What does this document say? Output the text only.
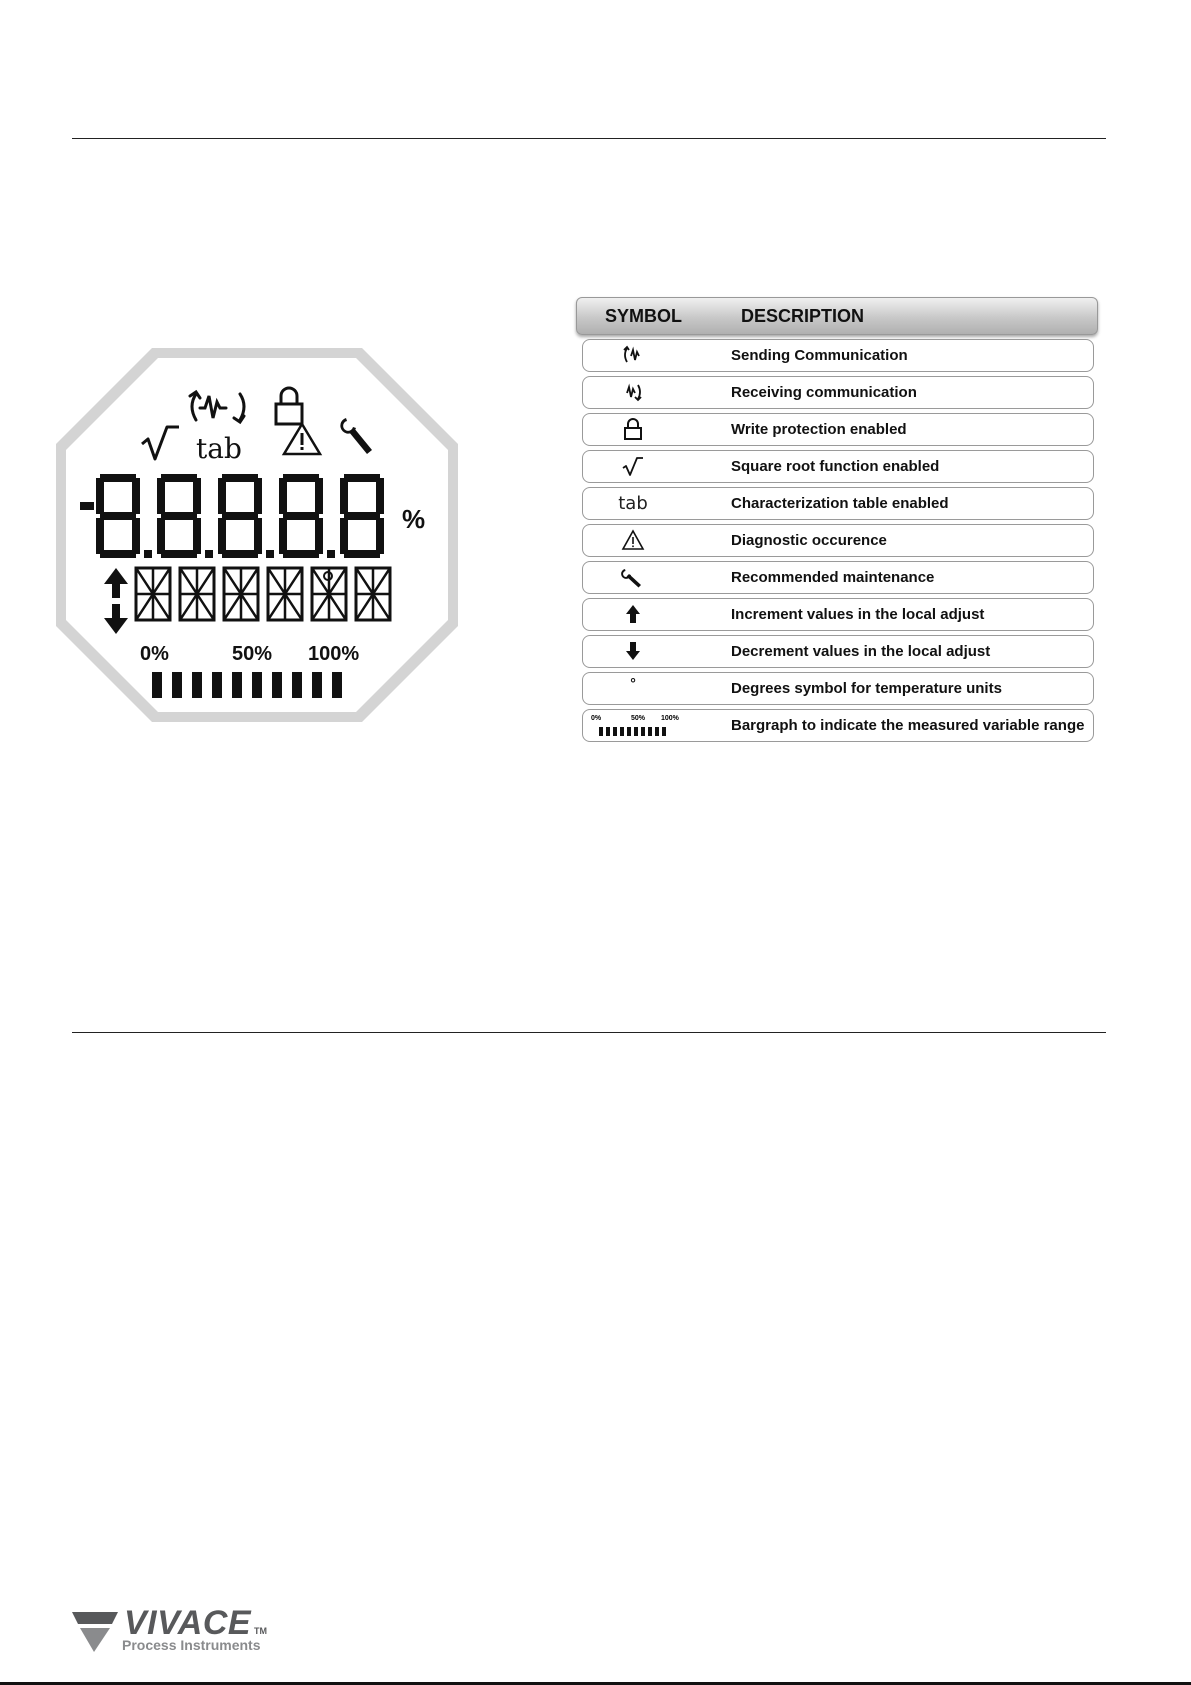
tab
%
0%	50% 100%
SYMBOL	DESCRIPTION
Sending Communication
Receiving communication
Write protection enabled
Square root function enabled
tab	Characterization table enabled
Diagnostic occurence
Recommended maintenance
Increment values in the local adjust
Decrement values in the local adjust
°	Degrees symbol for temperature units
0%	50% 100%	Bargraph to indicate the measured variable range
VIVACE TM
Process Instruments
